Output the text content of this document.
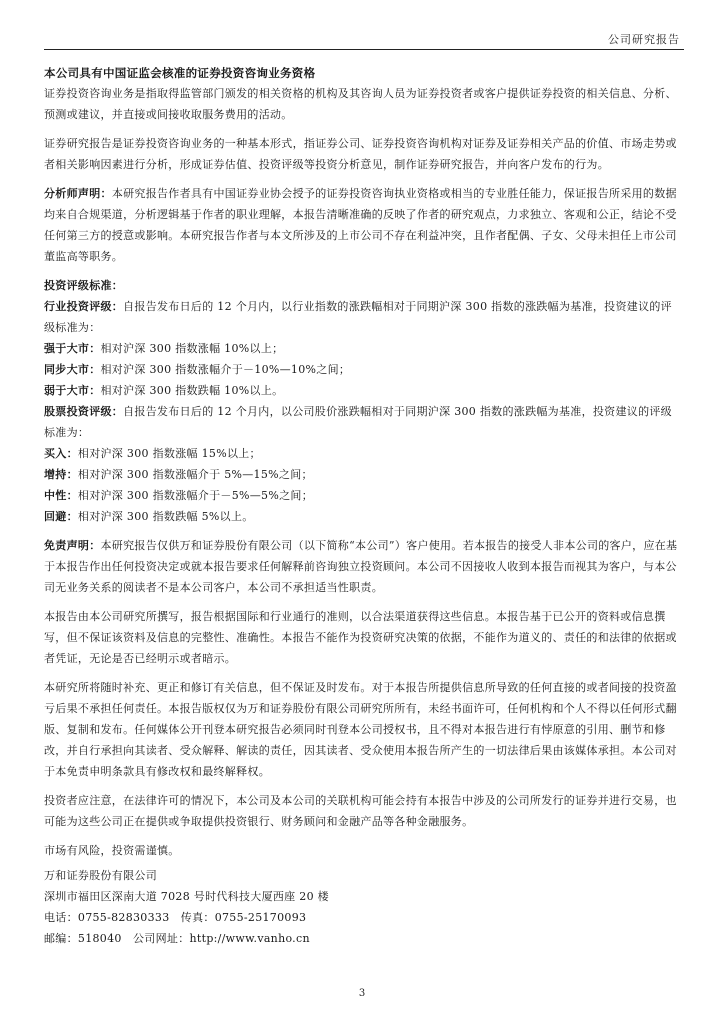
公司研究报告

本公司具有中国证监会核准的证券投资咨询业务资格

证券投资咨询业务是指取得监管部门颁发的相关资格的机构及其咨询人员为证券投资者或客户提供证券投资的相关信息、分析、预测或建议，并直接或间接收取服务费用的活动。

证券研究报告是证券投资咨询业务的一种基本形式，指证券公司、证券投资咨询机构对证券及证券相关产品的价值、市场走势或者相关影响因素进行分析，形成证券估值、投资评级等投资分析意见，制作证券研究报告，并向客户发布的行为。

分析师声明：本研究报告作者具有中国证券业协会授予的证券投资咨询执业资格或相当的专业胜任能力，保证报告所采用的数据均来自合规渠道，分析逻辑基于作者的职业理解，本报告清晰准确的反映了作者的研究观点，力求独立、客观和公正，结论不受任何第三方的授意或影响。本研究报告作者与本文所涉及的上市公司不存在利益冲突，且作者配偶、子女、父母未担任上市公司董监高等职务。

投资评级标准：

行业投资评级：自报告发布日后的 12 个月内，以行业指数的涨跌幅相对于同期沪深 300 指数的涨跌幅为基准，投资建议的评级标准为：

强于大市：相对沪深 300 指数涨幅 10%以上；

同步大市：相对沪深 300 指数涨幅介于－10%—10%之间；

弱于大市：相对沪深 300 指数跌幅 10%以上。

股票投资评级：自报告发布日后的 12 个月内，以公司股价涨跌幅相对于同期沪深 300 指数的涨跌幅为基准，投资建议的评级标准为：

买入：相对沪深 300 指数涨幅 15%以上；

增持：相对沪深 300 指数涨幅介于 5%—15%之间；

中性：相对沪深 300 指数涨幅介于－5%—5%之间；

回避：相对沪深 300 指数跌幅 5%以上。

免责声明：本研究报告仅供万和证券股份有限公司（以下简称“本公司”）客户使用。若本报告的接受人非本公司的客户，应在基于本报告作出任何投资决定或就本报告要求任何解释前咨询独立投资顾问。本公司不因接收人收到本报告而视其为客户，与本公司无业务关系的阅读者不是本公司客户，本公司不承担适当性职责。

本报告由本公司研究所撰写，报告根据国际和行业通行的准则，以合法渠道获得这些信息。本报告基于已公开的资料或信息撰写，但不保证该资料及信息的完整性、准确性。本报告不能作为投资研究决策的依据，不能作为道义的、责任的和法律的依据或者凭证，无论是否已经明示或者暗示。

本研究所将随时补充、更正和修订有关信息，但不保证及时发布。对于本报告所提供信息所导致的任何直接的或者间接的投资盈亏后果不承担任何责任。本报告版权仅为万和证券股份有限公司研究所所有，未经书面许可，任何机构和个人不得以任何形式翻版、复制和发布。任何媒体公开刊登本研究报告必须同时刊登本公司授权书，且不得对本报告进行有悖原意的引用、删节和修改，并自行承担向其读者、受众解释、解读的责任，因其读者、受众使用本报告所产生的一切法律后果由该媒体承担。本公司对于本免责申明条款具有修改权和最终解释权。

投资者应注意，在法律许可的情况下，本公司及本公司的关联机构可能会持有本报告中涉及的公司所发行的证券并进行交易，也可能为这些公司正在提供或争取提供投资银行、财务顾问和金融产品等各种金融服务。

市场有风险，投资需谨慎。

万和证券股份有限公司

深圳市福田区深南大道 7028 号时代科技大厦西座 20 楼

电话：0755-82830333　传真：0755-25170093

邮编：518040　公司网址：http://www.vanho.cn

3
